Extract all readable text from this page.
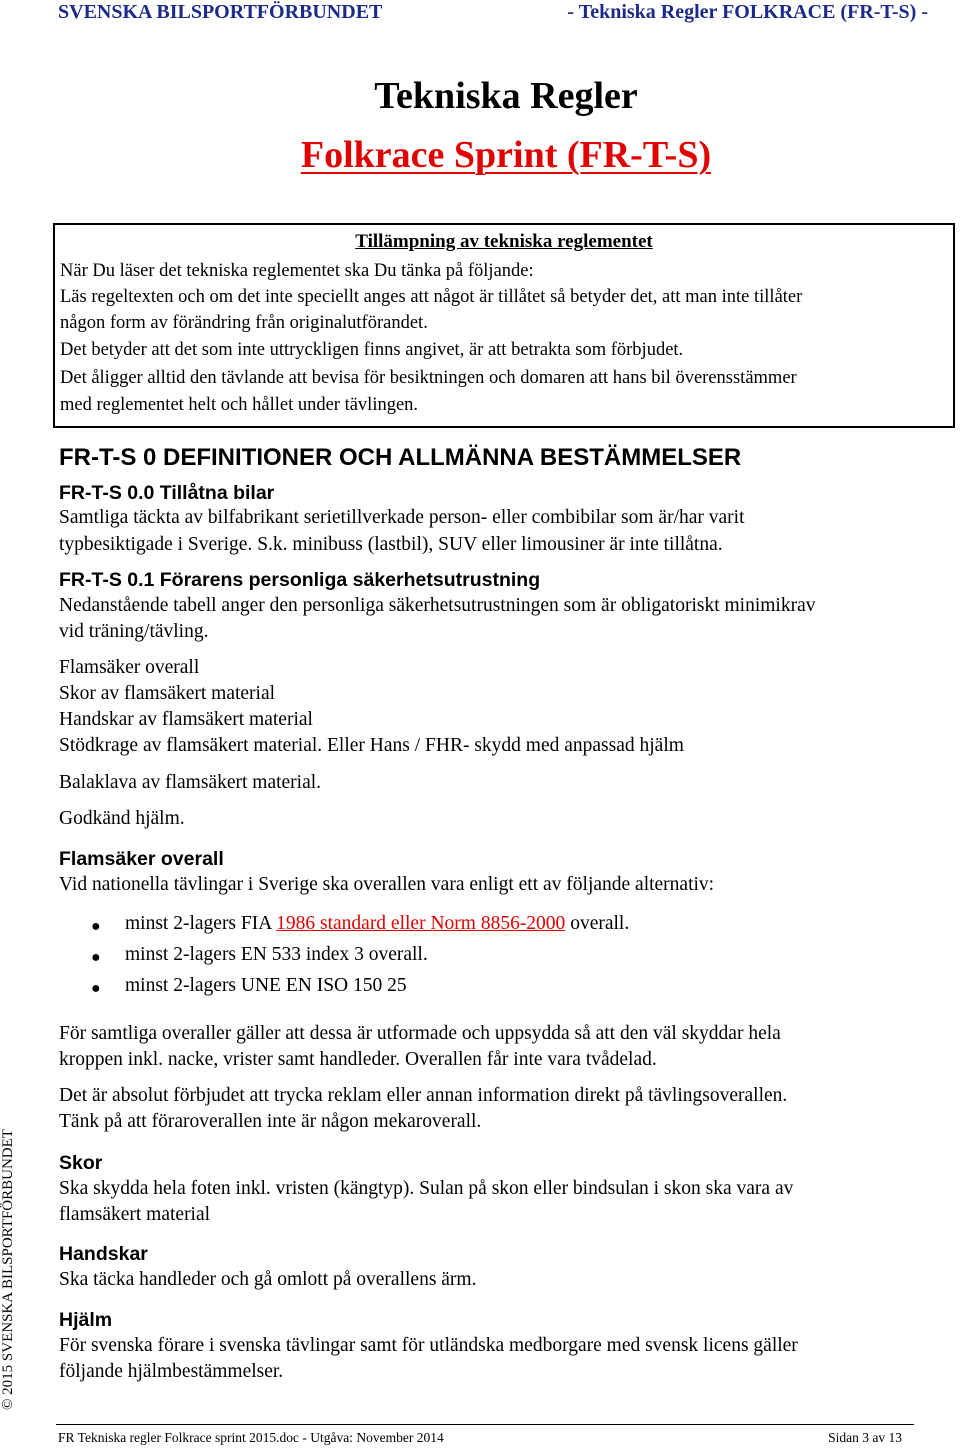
SVENSKA BILSPORTFÖRBUNDET	- Tekniska Regler FOLKRACE (FR-T-S) -
Tekniska Regler
Folkrace Sprint (FR-T-S)
Tillämpning av tekniska reglementet
När Du läser det tekniska reglementet ska Du tänka på följande:
Läs regeltexten och om det inte speciellt anges att något är tillåtet så betyder det, att man inte tillåter
någon form av förändring från originalutförandet.
Det betyder att det som inte uttryckligen finns angivet, är att betrakta som förbjudet.
Det åligger alltid den tävlande att bevisa för besiktningen och domaren att hans bil överensstämmer
med reglementet helt och hållet under tävlingen.
FR-T-S 0 DEFINITIONER OCH ALLMÄNNA BESTÄMMELSER
FR-T-S 0.0 Tillåtna bilar
Samtliga täckta av bilfabrikant serietillverkade person- eller combibilar som är/har varit
typbesiktigade i Sverige. S.k. minibuss (lastbil), SUV eller limousiner är inte tillåtna.
FR-T-S 0.1 Förarens personliga säkerhetsutrustning
Nedanstående tabell anger den personliga säkerhetsutrustningen som är obligatoriskt minimikrav
vid träning/tävling.
Flamsäker overall
Skor av flamsäkert material
Handskar av flamsäkert material
Stödkrage av flamsäkert material. Eller Hans / FHR- skydd med anpassad hjälm
Balaklava av flamsäkert material.
Godkänd hjälm.
Flamsäker overall
Vid nationella tävlingar i Sverige ska overallen vara enligt ett av följande alternativ:
● minst 2-lagers FIA 1986 standard eller Norm 8856-2000 overall.
● minst 2-lagers EN 533 index 3 overall.
● minst 2-lagers UNE EN ISO 150 25
För samtliga overaller gäller att dessa är utformade och uppsydda så att den väl skyddar hela
kroppen inkl. nacke, vrister samt handleder. Overallen får inte vara tvådelad.
Det är absolut förbjudet att trycka reklam eller annan information direkt på tävlingsoverallen.
Tänk på att föraroverallen inte är någon mekaroverall.
Skor
Ska skydda hela foten inkl. vristen (kängtyp). Sulan på skon eller bindsulan i skon ska vara av
flamsäkert material
Handskar
Ska täcka handleder och gå omlott på overallens ärm.
Hjälm
För svenska förare i svenska tävlingar samt för utländska medborgare med svensk licens gäller
följande hjälmbestämmelser.
© 2015 SVENSKA BILSPORTFÖRBUNDET
FR Tekniska regler Folkrace sprint 2015.doc - Utgåva: November 2014	Sidan 3 av 13
